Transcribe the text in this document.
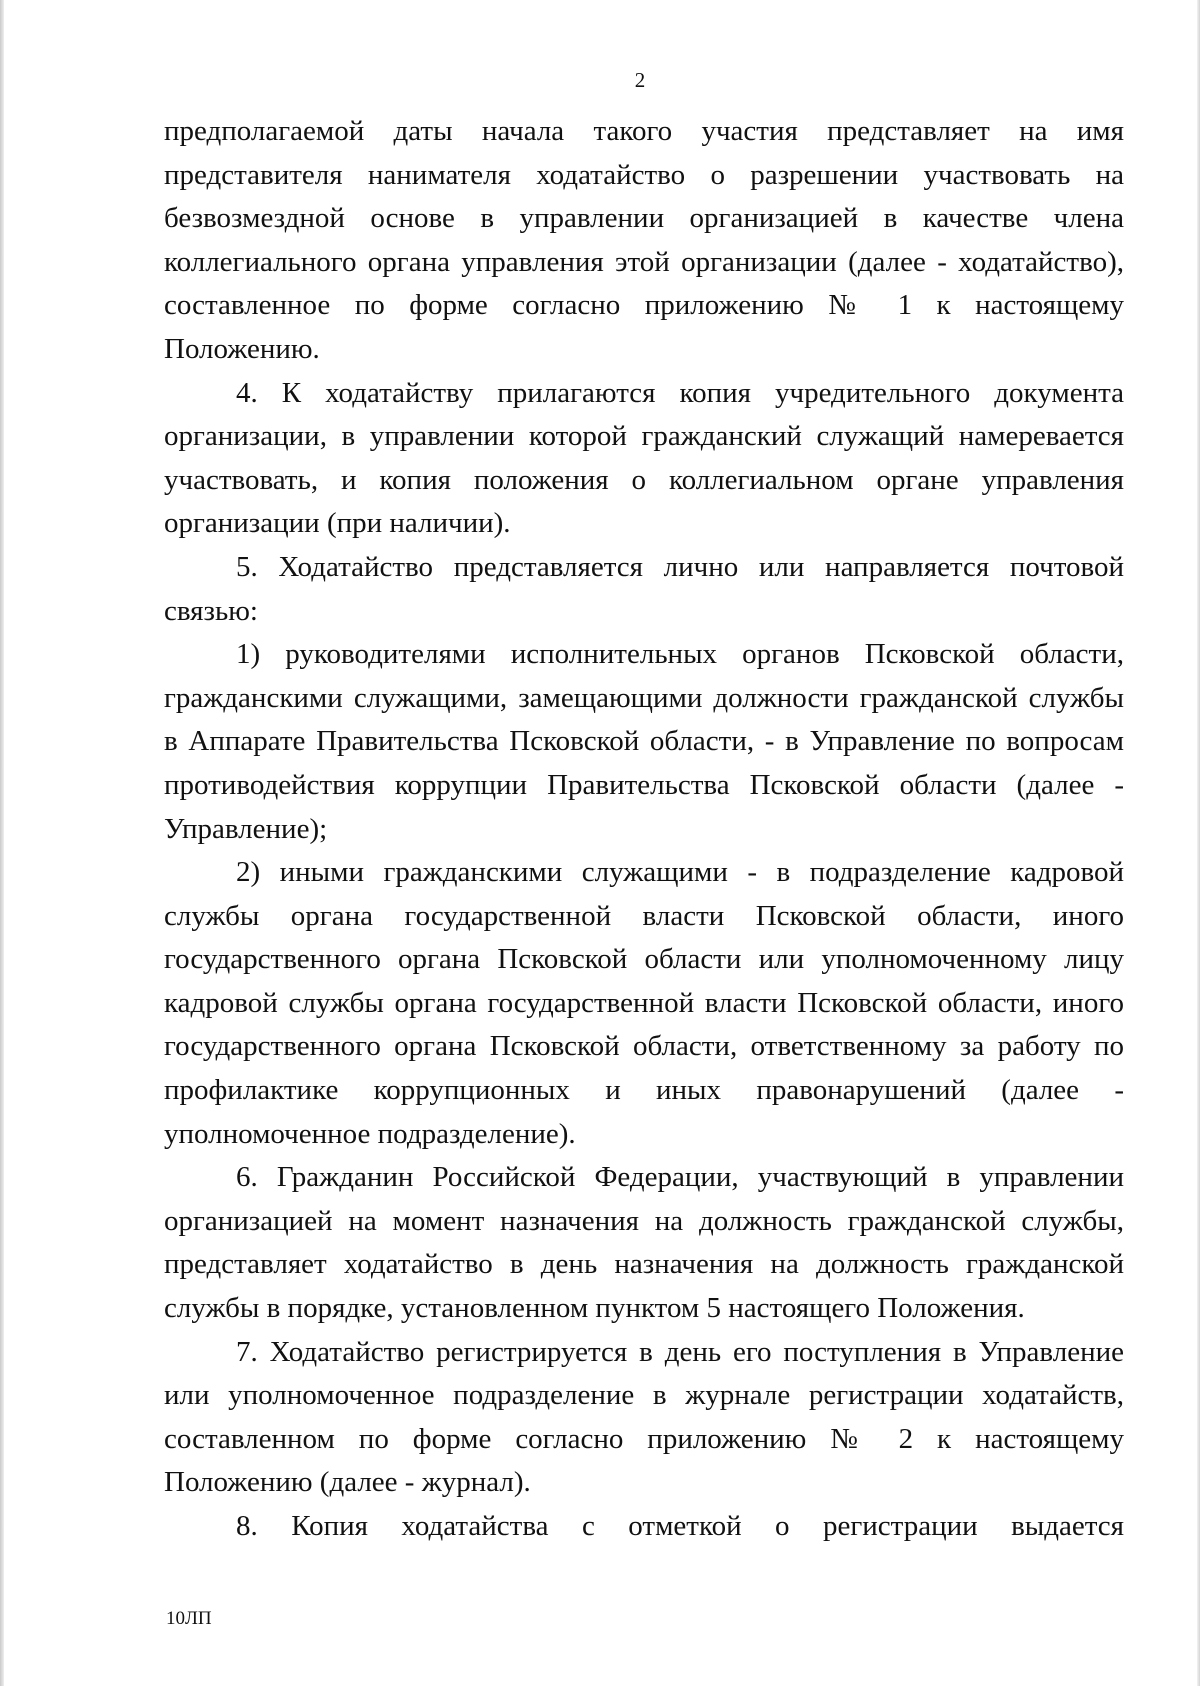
2

предполагаемой даты начала такого участия представляет на имя представителя нанимателя ходатайство о разрешении участвовать на безвозмездной основе в управлении организацией в качестве члена коллегиального органа управления этой организации (далее - ходатайство), составленное по форме согласно приложению № 1 к настоящему Положению.

4. К ходатайству прилагаются копия учредительного документа организации, в управлении которой гражданский служащий намеревается участвовать, и копия положения о коллегиальном органе управления организации (при наличии).

5. Ходатайство представляется лично или направляется почтовой связью:

1) руководителями исполнительных органов Псковской области, гражданскими служащими, замещающими должности гражданской службы в Аппарате Правительства Псковской области, - в Управление по вопросам противодействия коррупции Правительства Псковской области (далее - Управление);

2) иными гражданскими служащими - в подразделение кадровой службы органа государственной власти Псковской области, иного государственного органа Псковской области или уполномоченному лицу кадровой службы органа государственной власти Псковской области, иного государственного органа Псковской области, ответственному за работу по профилактике коррупционных и иных правонарушений (далее - уполномоченное подразделение).

6. Гражданин Российской Федерации, участвующий в управлении организацией на момент назначения на должность гражданской службы, представляет ходатайство в день назначения на должность гражданской службы в порядке, установленном пунктом 5 настоящего Положения.

7. Ходатайство регистрируется в день его поступления в Управление или уполномоченное подразделение в журнале регистрации ходатайств, составленном по форме согласно приложению № 2 к настоящему Положению (далее - журнал).

8. Копия ходатайства с отметкой о регистрации выдается

10ЛП
